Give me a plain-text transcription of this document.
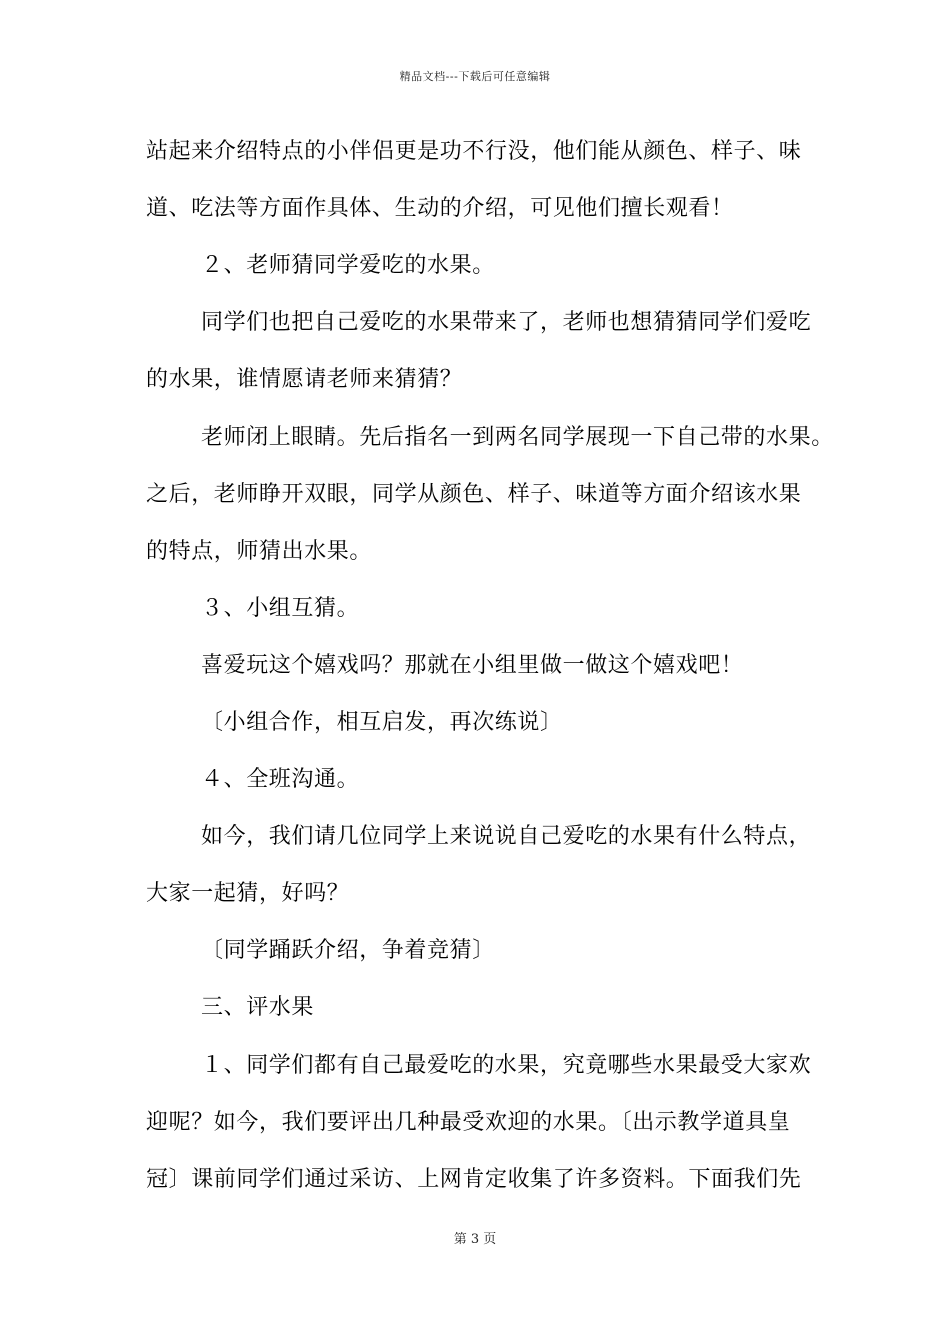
精品文档---下载后可任意编辑
站起来介绍特点的小伴侣更是功不行没，他们能从颜色、样子、味
道、吃法等方面作具体、生动的介绍，可见他们擅长观看！
２、老师猜同学爱吃的水果。
同学们也把自己爱吃的水果带来了，老师也想猜猜同学们爱吃
的水果，谁情愿请老师来猜猜？
老师闭上眼睛。先后指名一到两名同学展现一下自己带的水果。
之后，老师睁开双眼，同学从颜色、样子、味道等方面介绍该水果
的特点，师猜出水果。
３、小组互猜。
喜爱玩这个嬉戏吗？那就在小组里做一做这个嬉戏吧！
〔小组合作，相互启发，再次练说〕
４、全班沟通。
如今，我们请几位同学上来说说自己爱吃的水果有什么特点，
大家一起猜，好吗？
〔同学踊跃介绍，争着竞猜〕
三、评水果
１、同学们都有自己最爱吃的水果，究竟哪些水果最受大家欢
迎呢？如今，我们要评出几种最受欢迎的水果。〔出示教学道具皇
冠〕课前同学们通过采访、上网肯定收集了许多资料。下面我们先
第 3 页
